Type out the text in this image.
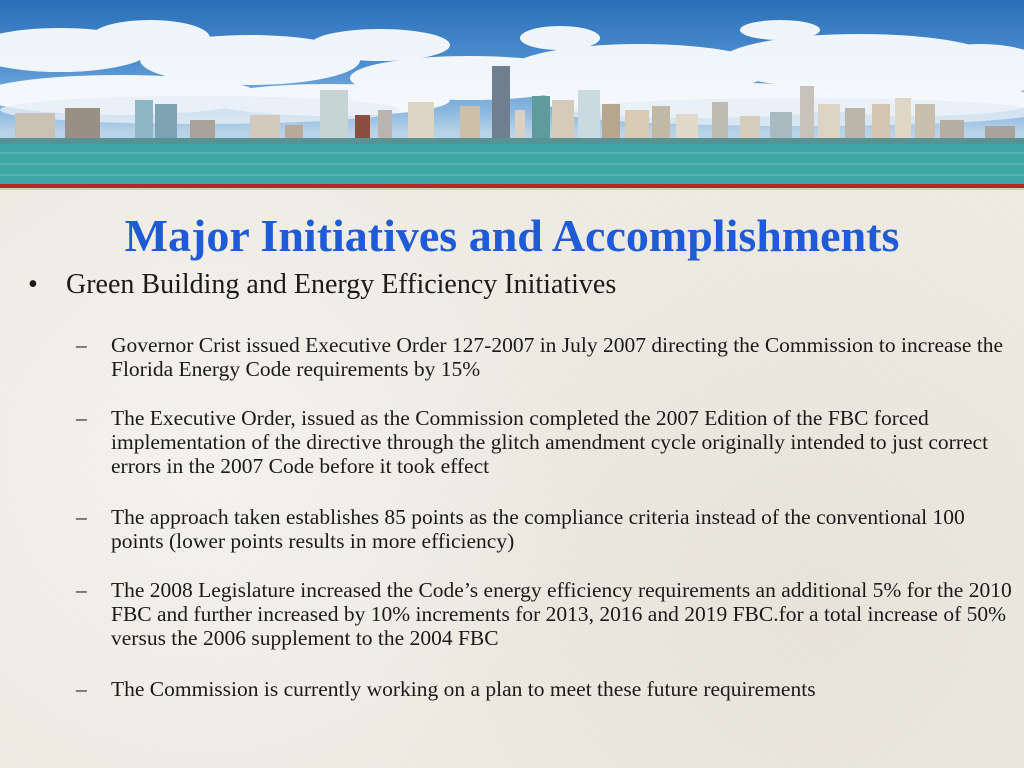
Major Initiatives and Accomplishments
• Green Building and Energy Efficiency Initiatives
– Governor Crist issued Executive Order 127-2007 in July 2007 directing the Commission to increase the Florida Energy Code requirements by 15%
– The Executive Order, issued as the Commission completed the 2007 Edition of the FBC forced implementation of the directive through the glitch amendment cycle originally intended to just correct errors in the 2007 Code before it took effect
– The approach taken establishes 85 points as the compliance criteria instead of the conventional 100 points (lower points results in more efficiency)
– The 2008 Legislature increased the Code’s energy efficiency requirements an additional 5% for the 2010 FBC and further increased by 10% increments for 2013, 2016 and 2019 FBC.for a total increase of 50% versus the 2006 supplement to the 2004 FBC
– The Commission is currently working on a plan to meet these future requirements
